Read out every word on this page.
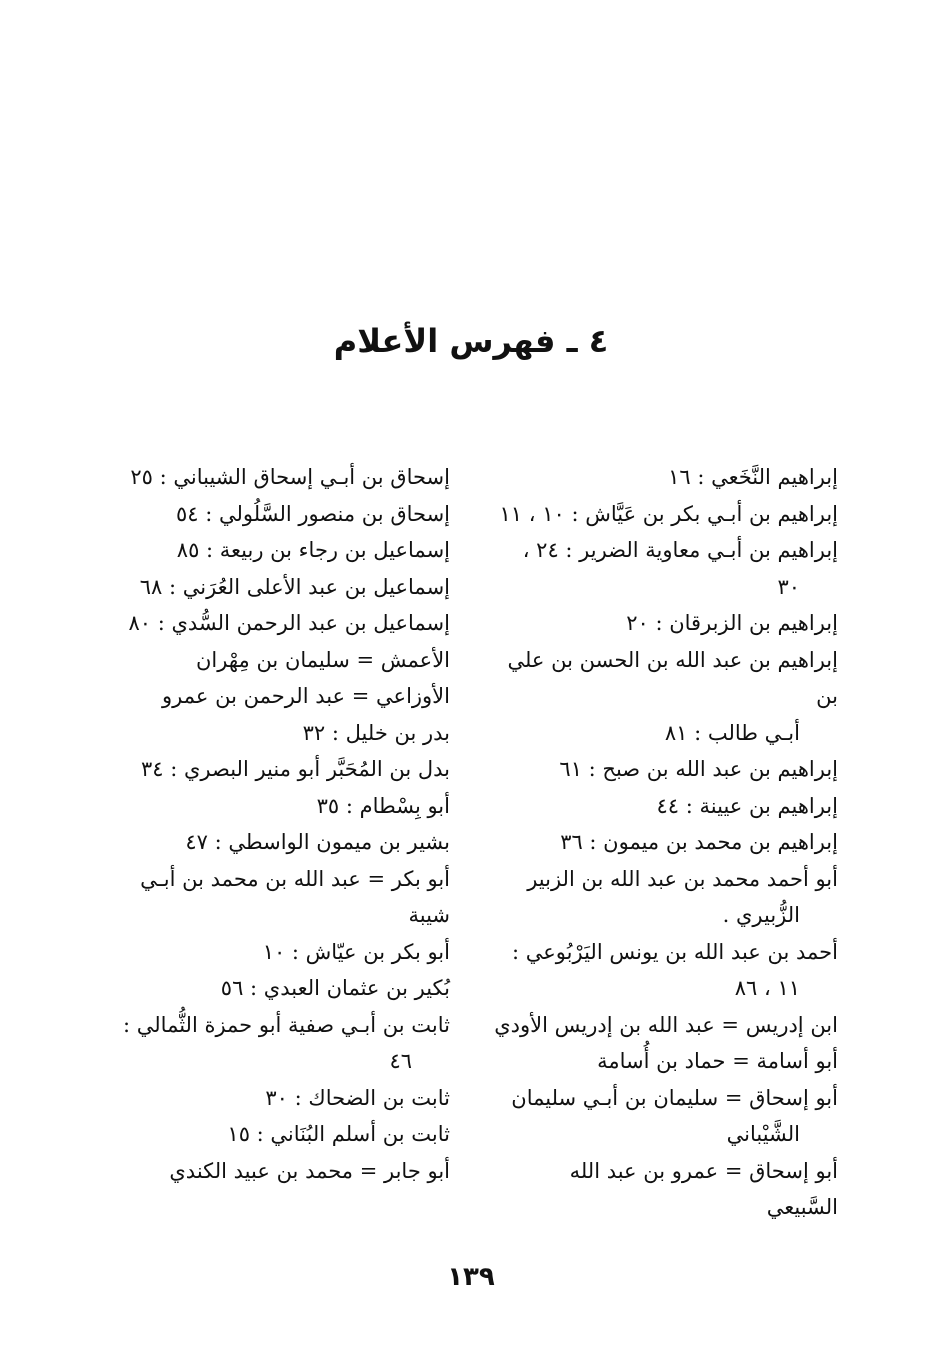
٤ ـ فهرس الأعلام
إبراهيم النَّخَعي : ١٦
إبراهيم بن أبـي بكر بن عَيَّاش : ١٠ ، ١١
إبراهيم بن أبـي معاوية الضرير : ٢٤ ،
٣٠
إبراهيم بن الزبرقان : ٢٠
إبراهيم بن عبد الله بن الحسن بن علي بن
أبـي طالب : ٨١
إبراهيم بن عبد الله بن صبح : ٦١
إبراهيم بن عيينة : ٤٤
إبراهيم بن محمد بن ميمون : ٣٦
أبو أحمد محمد بن عبد الله بن الزبير
الزُّبيري .
أحمد بن عبد الله بن يونس اليَرْبُوعي :
١١ ، ٨٦
ابن إدريس = عبد الله بن إدريس الأودي
أبو أسامة = حماد بن أُسامة
أبو إسحاق = سليمان بن أبـي سليمان
الشَّيْباني
أبو إسحاق = عمرو بن عبد الله السَّبيعي
إسحاق بن أبـي إسحاق الشيباني : ٢٥
إسحاق بن منصور السَّلُولي : ٥٤
إسماعيل بن رجاء بن ربيعة : ٨٥
إسماعيل بن عبد الأعلى العُرَني : ٦٨
إسماعيل بن عبد الرحمن السُّدي : ٨٠
الأعمش = سليمان بن مِهْران
الأوزاعي = عبد الرحمن بن عمرو
بدر بن خليل : ٣٢
بدل بن المُحَبَّر أبو منير البصري : ٣٤
أبو بِسْطام : ٣٥
بشير بن ميمون الواسطي : ٤٧
أبو بكر = عبد الله بن محمد بن أبـي شيبة
أبو بكر بن عيّاش : ١٠
بُكير بن عثمان العبدي : ٥٦
ثابت بن أبـي صفية أبو حمزة الثُّمالي :
٤٦
ثابت بن الضحاك : ٣٠
ثابت بن أسلم البُنَاني : ١٥
أبو جابر = محمد بن عبيد الكندي
١٣٩
